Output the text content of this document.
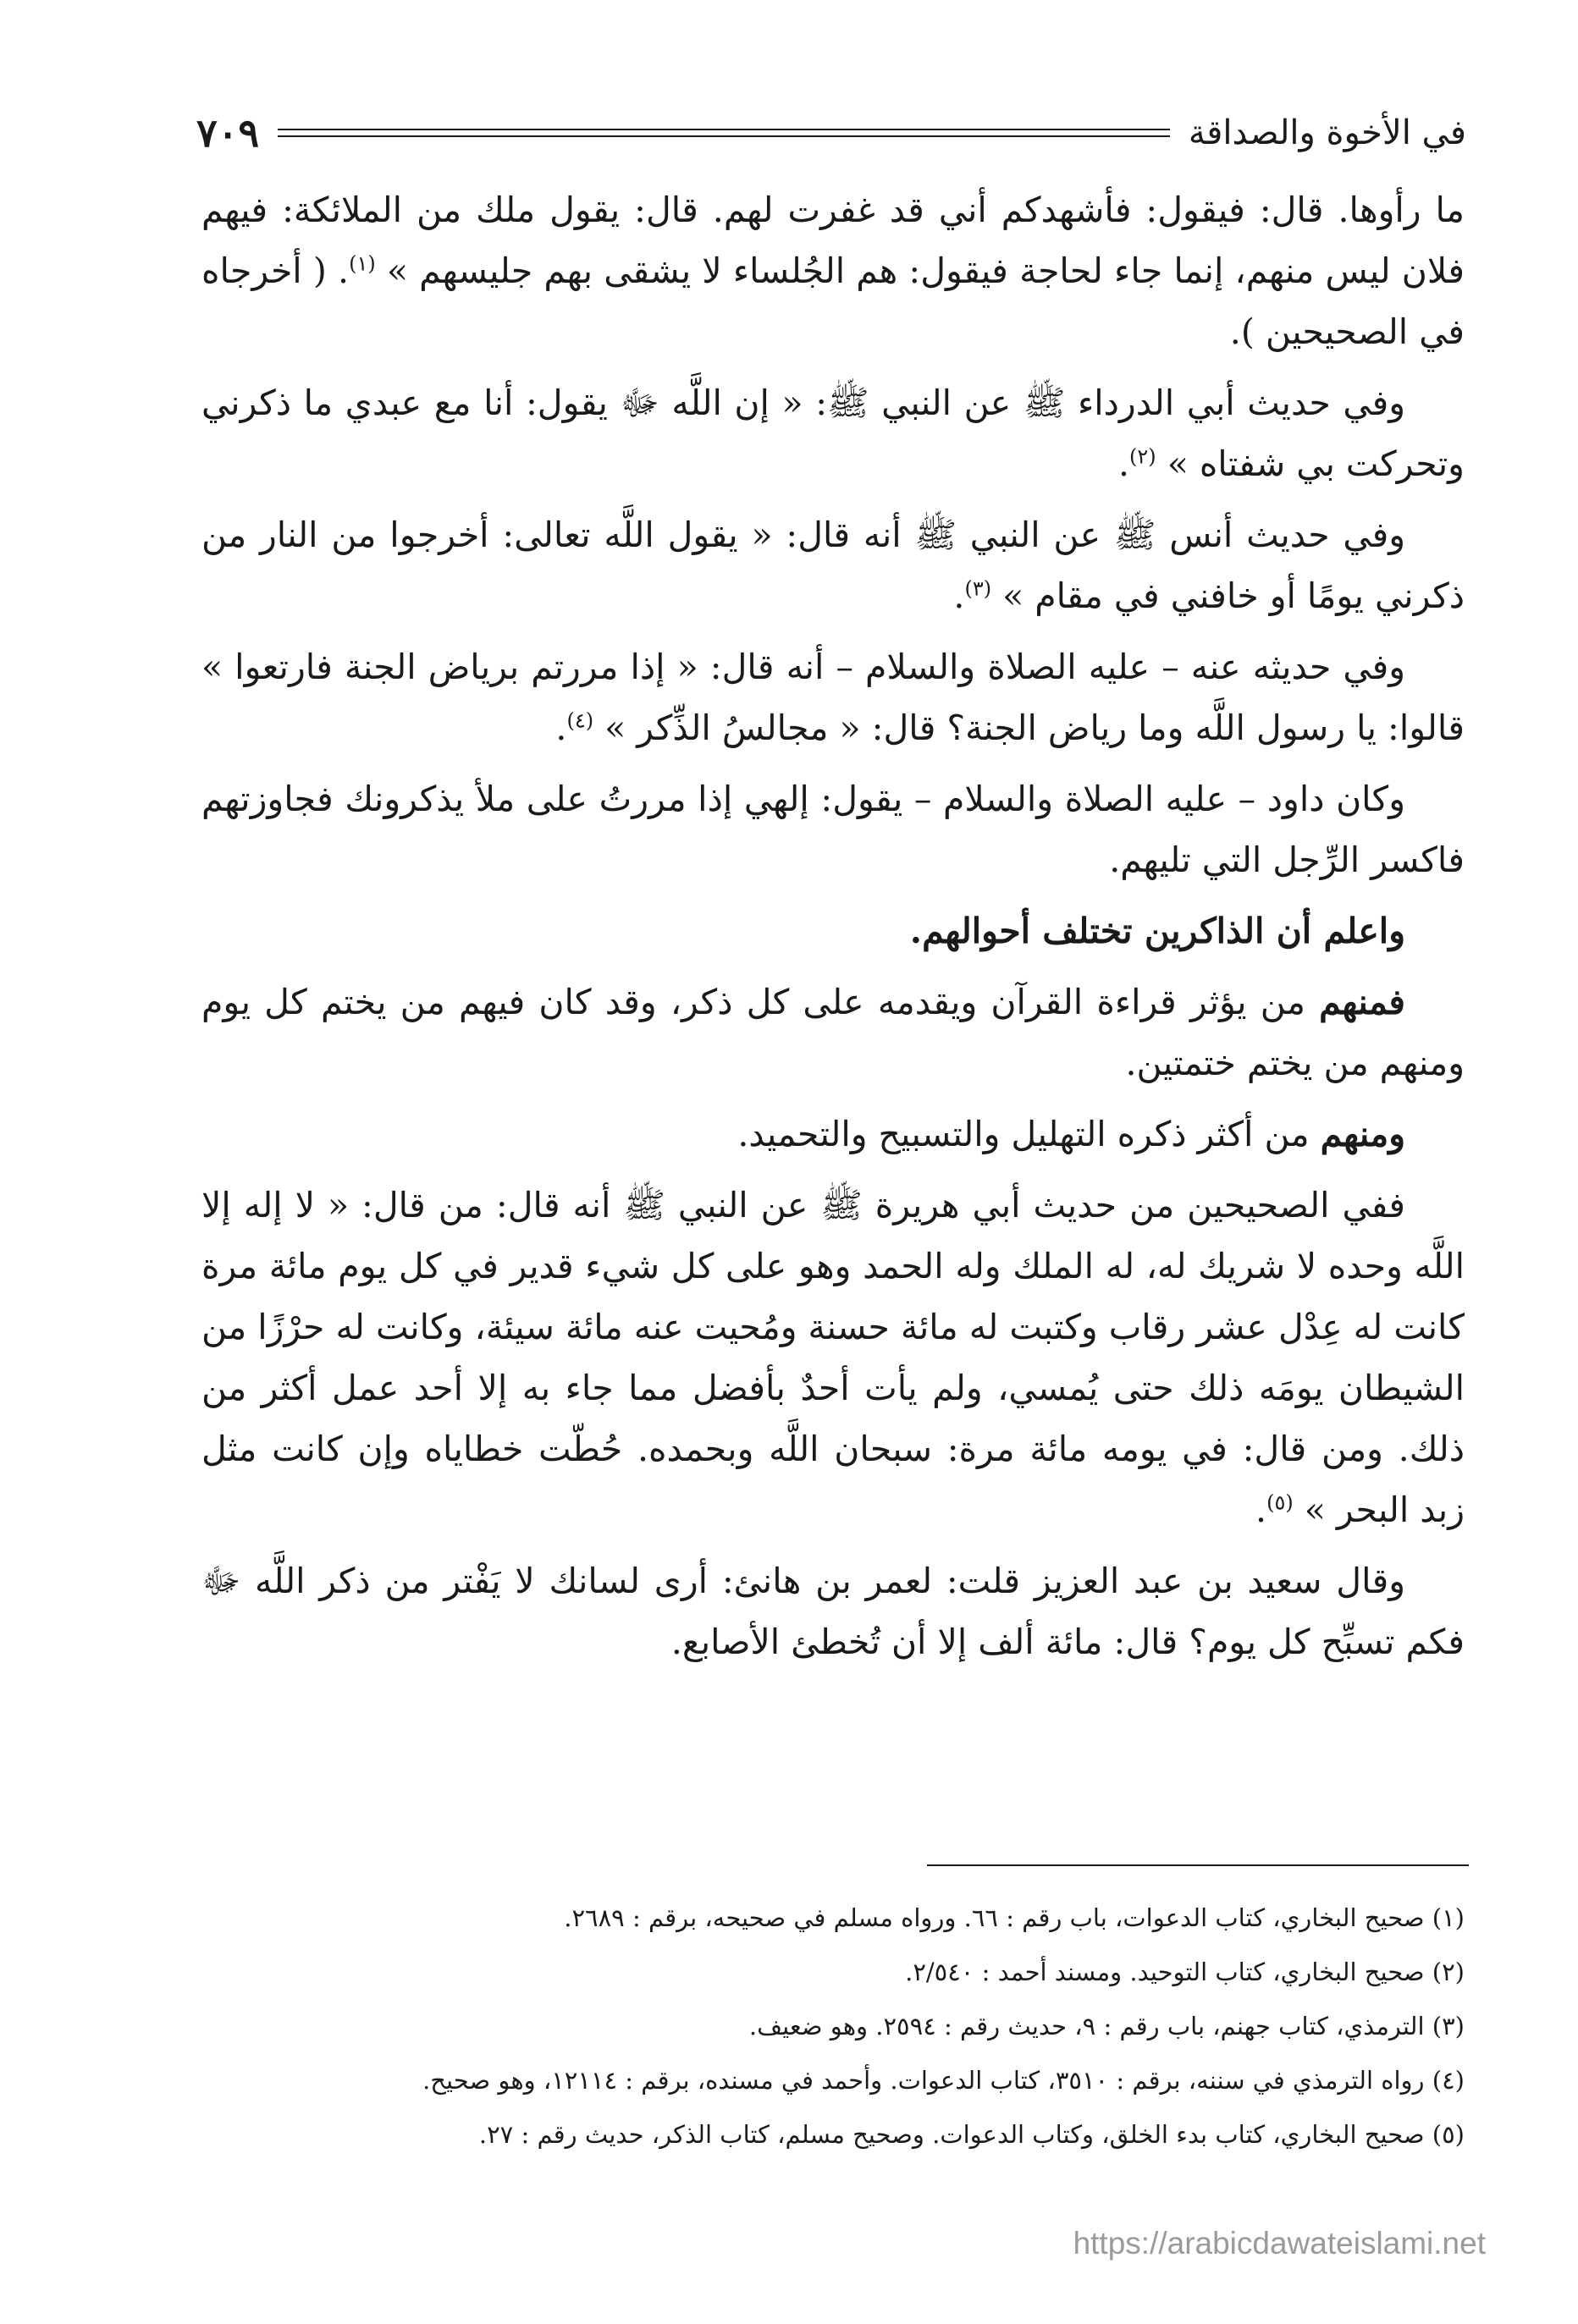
في الأخوة والصداقة
٧٠٩

ما رأوها. قال: فيقول: فأشهدكم أني قد غفرت لهم. قال: يقول ملك من الملائكة: فيهم فلان ليس منهم، إنما جاء لحاجة فيقول: هم الجُلساء لا يشقى بهم جليسهم » $^{(١)}$. ( أخرجاه في الصحيحين ).

وفي حديث أبي الدرداء ﷺ عن النبي ﷺ: « إن اللَّه ﷻ يقول: أنا مع عبدي ما ذكرني وتحركت بي شفتاه » $^{(٢)}$.

وفي حديث أنس ﷺ عن النبي ﷺ أنه قال: « يقول اللَّه تعالى: أخرجوا من النار من ذكرني يومًا أو خافني في مقام » $^{(٣)}$.

وفي حديثه عنه – عليه الصلاة والسلام – أنه قال: « إذا مررتم برياض الجنة فارتعوا » قالوا: يا رسول اللَّه وما رياض الجنة؟ قال: « مجالسُ الذِّكر » $^{(٤)}$.

وكان داود – عليه الصلاة والسلام – يقول: إلهي إذا مررتُ على ملأ يذكرونك فجاوزتهم فاكسر الرِّجل التي تليهم.

واعلم أن الذاكرين تختلف أحوالهم.

فمنهم من يؤثر قراءة القرآن ويقدمه على كل ذكر، وقد كان فيهم من يختم كل يوم ومنهم من يختم ختمتين.

ومنهم من أكثر ذكره التهليل والتسبيح والتحميد.

ففي الصحيحين من حديث أبي هريرة ﷺ عن النبي ﷺ أنه قال: من قال: « لا إله إلا اللَّه وحده لا شريك له، له الملك وله الحمد وهو على كل شيء قدير في كل يوم مائة مرة كانت له عِدْل عشر رقاب وكتبت له مائة حسنة ومُحيت عنه مائة سيئة، وكانت له حرْزًا من الشيطان يومَه ذلك حتى يُمسي، ولم يأت أحدٌ بأفضل مما جاء به إلا أحد عمل أكثر من ذلك. ومن قال: في يومه مائة مرة: سبحان اللَّه وبحمده. حُطّت خطاياه وإن كانت مثل زبد البحر » $^{(٥)}$.

وقال سعيد بن عبد العزيز قلت: لعمر بن هانئ: أرى لسانك لا يَفْتر من ذكر اللَّه ﷻ فكم تسبِّح كل يوم؟ قال: مائة ألف إلا أن تُخطئ الأصابع.

(١) صحيح البخاري، كتاب الدعوات، باب رقم : ٦٦. ورواه مسلم في صحيحه، برقم : ٢٦٨٩.
(٢) صحيح البخاري، كتاب التوحيد. ومسند أحمد : ٢/٥٤٠.
(٣) الترمذي، كتاب جهنم، باب رقم : ٩، حديث رقم : ٢٥٩٤. وهو ضعيف.
(٤) رواه الترمذي في سننه، برقم : ٣٥١٠، كتاب الدعوات. وأحمد في مسنده، برقم : ١٢١١٤، وهو صحيح.
(٥) صحيح البخاري، كتاب بدء الخلق، وكتاب الدعوات. وصحيح مسلم، كتاب الذكر، حديث رقم : ٢٧.
https://arabicdawateislami.net
